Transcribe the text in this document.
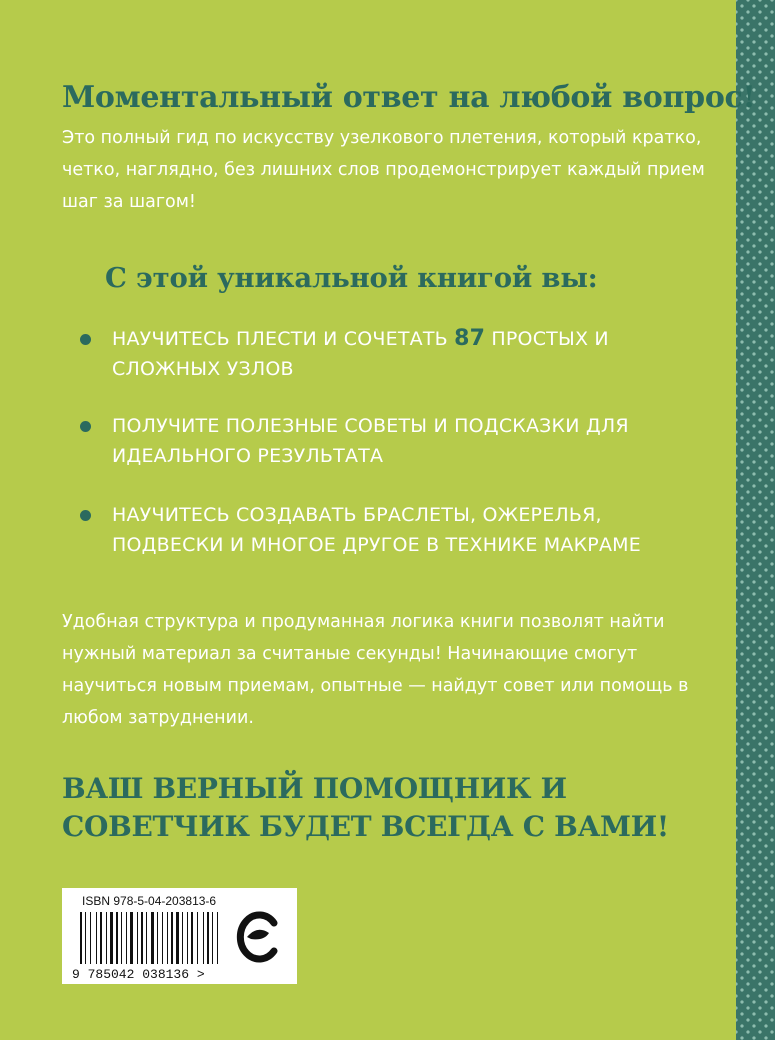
Моментальный ответ на любой вопрос!

Это полный гид по искусству узелкового плетения, который кратко, четко, наглядно, без лишних слов продемонстрирует каждый прием шаг за шагом!

С этой уникальной книгой вы:
НАУЧИТЕСЬ ПЛЕСТИ И СОЧЕТАТЬ 87 ПРОСТЫХ И СЛОЖНЫХ УЗЛОВ
ПОЛУЧИТЕ ПОЛЕЗНЫЕ СОВЕТЫ И ПОДСКАЗКИ ДЛЯ ИДЕАЛЬНОГО РЕЗУЛЬТАТА
НАУЧИТЕСЬ СОЗДАВАТЬ БРАСЛЕТЫ, ОЖЕРЕЛЬЯ, ПОДВЕСКИ И МНОГОЕ ДРУГОЕ В ТЕХНИКЕ МАКРАМЕ

Удобная структура и продуманная логика книги позволят найти нужный материал за считаные секунды! Начинающие смогут научиться новым приемам, опытные — найдут совет или помощь в любом затруднении.

ВАШ ВЕРНЫЙ ПОМОЩНИК И СОВЕТЧИК БУДЕТ ВСЕГДА С ВАМИ!

ISBN 978-5-04-203813-6
9 785042 038136 >
